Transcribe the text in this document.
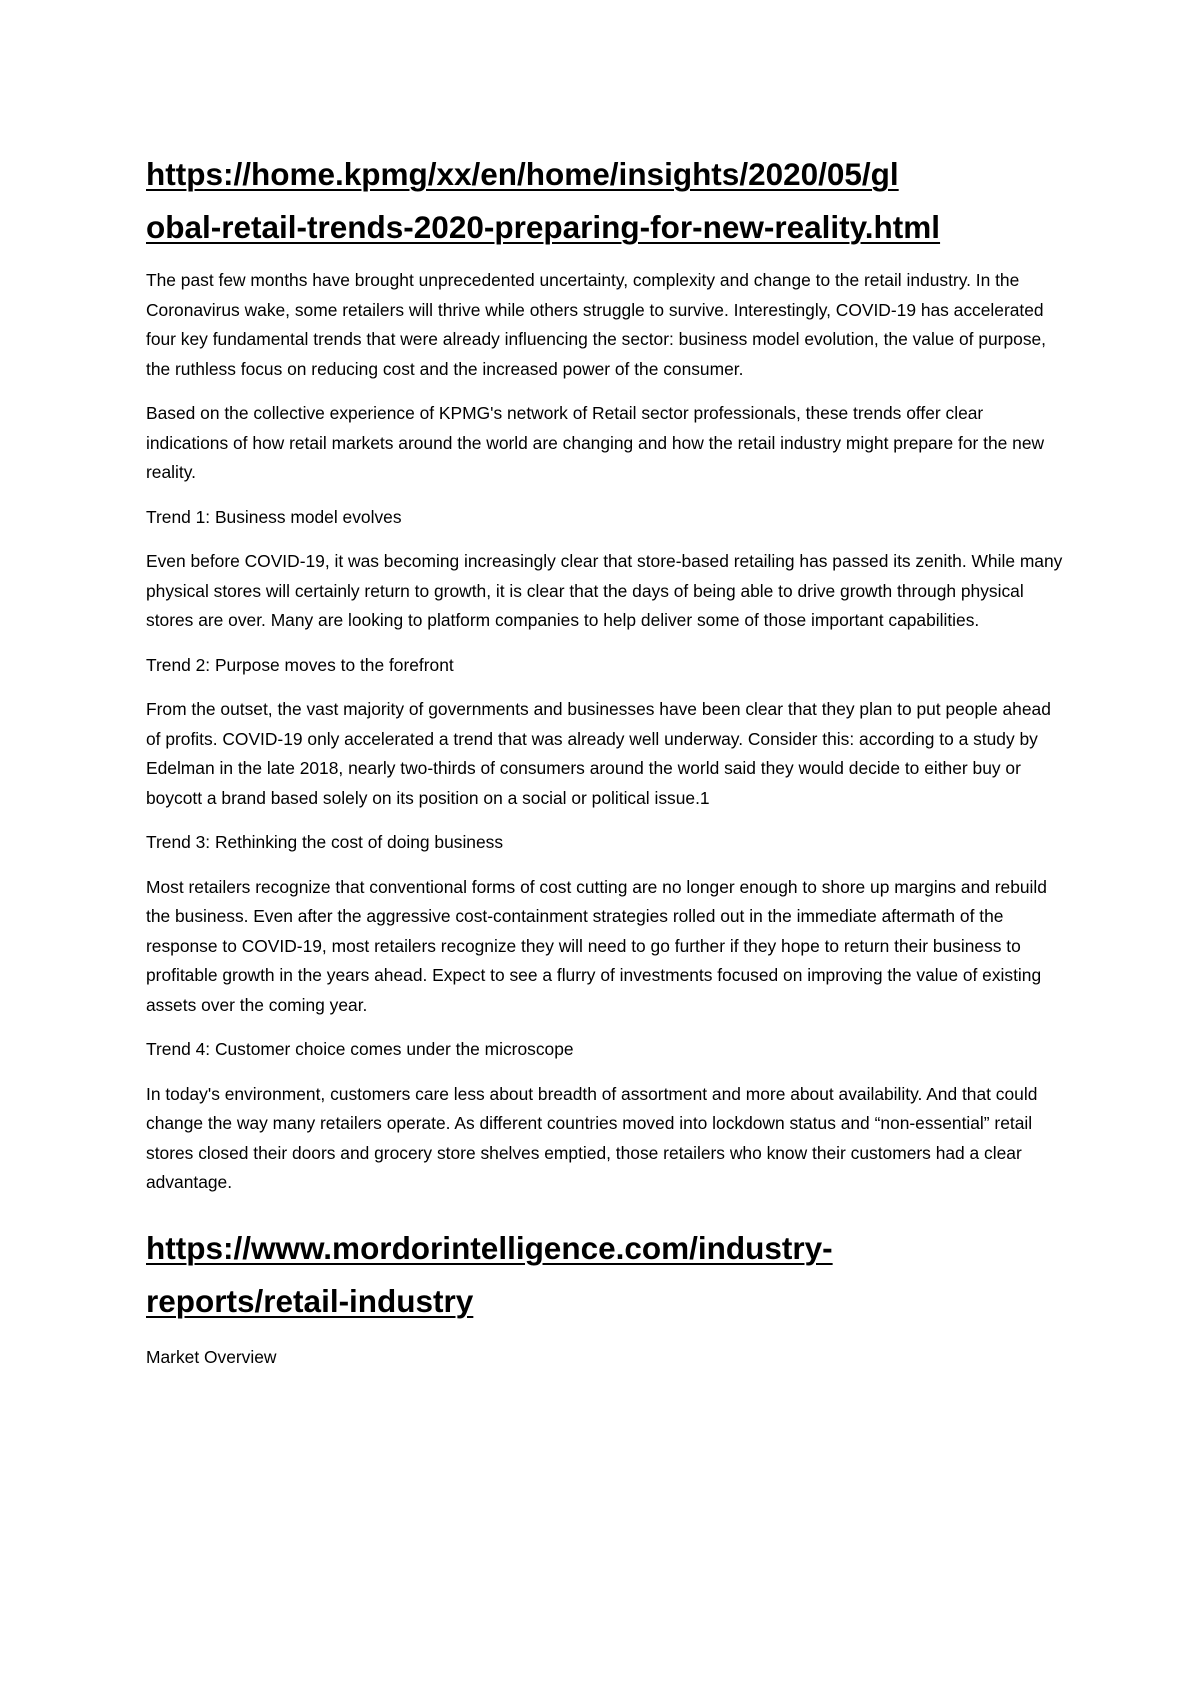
https://home.kpmg/xx/en/home/insights/2020/05/gl
obal-retail-trends-2020-preparing-for-new-reality.html

The past few months have brought unprecedented uncertainty, complexity and change to the retail industry. In the Coronavirus wake, some retailers will thrive while others struggle to survive. Interestingly, COVID-19 has accelerated four key fundamental trends that were already influencing the sector: business model evolution, the value of purpose, the ruthless focus on reducing cost and the increased power of the consumer.

Based on the collective experience of KPMG's network of Retail sector professionals, these trends offer clear indications of how retail markets around the world are changing and how the retail industry might prepare for the new reality.

Trend 1: Business model evolves

Even before COVID-19, it was becoming increasingly clear that store-based retailing has passed its zenith. While many physical stores will certainly return to growth, it is clear that the days of being able to drive growth through physical stores are over. Many are looking to platform companies to help deliver some of those important capabilities.

Trend 2: Purpose moves to the forefront

From the outset, the vast majority of governments and businesses have been clear that they plan to put people ahead of profits. COVID-19 only accelerated a trend that was already well underway. Consider this: according to a study by Edelman in the late 2018, nearly two-thirds of consumers around the world said they would decide to either buy or boycott a brand based solely on its position on a social or political issue.1

Trend 3: Rethinking the cost of doing business

Most retailers recognize that conventional forms of cost cutting are no longer enough to shore up margins and rebuild the business. Even after the aggressive cost-containment strategies rolled out in the immediate aftermath of the response to COVID-19, most retailers recognize they will need to go further if they hope to return their business to profitable growth in the years ahead. Expect to see a flurry of investments focused on improving the value of existing assets over the coming year.

Trend 4: Customer choice comes under the microscope

In today's environment, customers care less about breadth of assortment and more about availability. And that could change the way many retailers operate. As different countries moved into lockdown status and “non-essential” retail stores closed their doors and grocery store shelves emptied, those retailers who know their customers had a clear advantage.

https://www.mordorintelligence.com/industry-
reports/retail-industry

Market Overview
